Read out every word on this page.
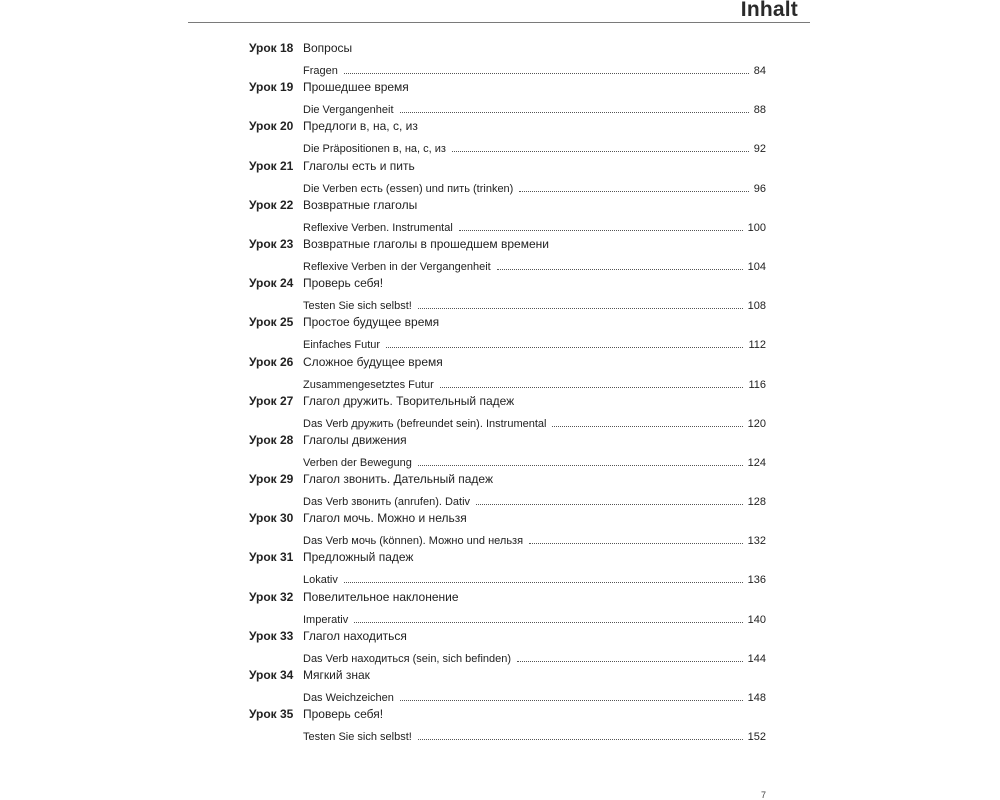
Inhalt
Урок 18 Вопросы
Fragen	84
Урок 19 Прошедшее время
Die Vergangenheit	88
Урок 20 Предлоги в, на, с, из
Die Präpositionen в, на, с, из	92
Урок 21 Глаголы есть и пить
Die Verben есть (essen) und пить (trinken)	96
Урок 22 Возвратные глаголы
Reflexive Verben. Instrumental	100
Урок 23 Возвратные глаголы в прошедшем времени
Reflexive Verben in der Vergangenheit	104
Урок 24 Проверь себя!
Testen Sie sich selbst!	108
Урок 25 Простое будущее время
Einfaches Futur	112
Урок 26 Сложное будущее время
Zusammengesetztes Futur	116
Урок 27 Глагол дружить. Творительный падеж
Das Verb дружить (befreundet sein). Instrumental	120
Урок 28 Глаголы движения
Verben der Bewegung	124
Урок 29 Глагол звонить. Дательный падеж
Das Verb звонить (anrufen). Dativ	128
Урок 30 Глагол мочь. Можно и нельзя
Das Verb мочь (können). Можно und нельзя	132
Урок 31 Предложный падеж
Lokativ	136
Урок 32 Повелительное наклонение
Imperativ	140
Урок 33 Глагол находиться
Das Verb находиться (sein, sich befinden)	144
Урок 34 Мягкий знак
Das Weichzeichen	148
Урок 35 Проверь себя!
Testen Sie sich selbst!	152
7
